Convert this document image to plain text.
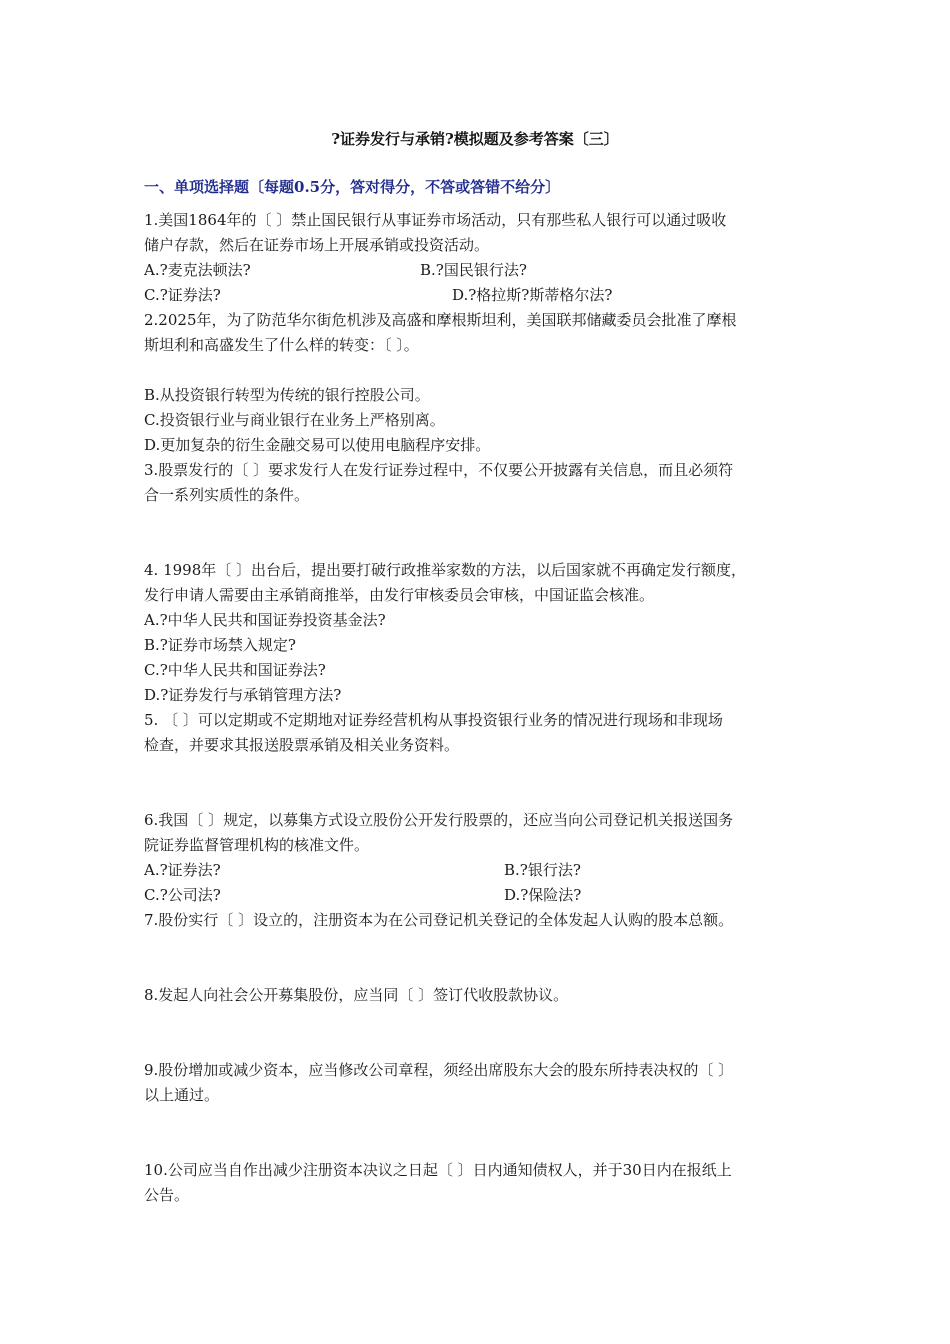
?证券发行与承销?模拟题及参考答案〔三〕
一、单项选择题〔每题0.5分，答对得分，不答或答错不给分〕
1.美国1864年的〔 〕禁止国民银行从事证券市场活动，只有那些私人银行可以通过吸收
储户存款，然后在证券市场上开展承销或投资活动。
A.?麦克法顿法?	B.?国民银行法?
C.?证券法?	D.?格拉斯?斯蒂格尔法?
2.2025年，为了防范华尔街危机涉及高盛和摩根斯坦利，美国联邦储藏委员会批准了摩根
斯坦利和高盛发生了什么样的转变：〔 〕。
B.从投资银行转型为传统的银行控股公司。
C.投资银行业与商业银行在业务上严格别离。
D.更加复杂的衍生金融交易可以使用电脑程序安排。
3.股票发行的〔 〕要求发行人在发行证券过程中，不仅要公开披露有关信息，而且必须符
合一系列实质性的条件。
4. 1998年〔 〕出台后，提出要打破行政推举家数的方法，以后国家就不再确定发行额度，
发行申请人需要由主承销商推举，由发行审核委员会审核，中国证监会核准。
A.?中华人民共和国证券投资基金法?
B.?证券市场禁入规定?
C.?中华人民共和国证券法?
D.?证券发行与承销管理方法?
5. 〔 〕可以定期或不定期地对证券经营机构从事投资银行业务的情况进行现场和非现场
检查，并要求其报送股票承销及相关业务资料。
6.我国〔 〕规定，以募集方式设立股份公开发行股票的，还应当向公司登记机关报送国务
院证券监督管理机构的核准文件。
A.?证券法?	B.?银行法?
C.?公司法?	D.?保险法?
7.股份实行〔 〕设立的，注册资本为在公司登记机关登记的全体发起人认购的股本总额。
8.发起人向社会公开募集股份，应当同〔 〕签订代收股款协议。
9.股份增加或减少资本，应当修改公司章程，须经出席股东大会的股东所持表决权的〔 〕
以上通过。
10.公司应当自作出减少注册资本决议之日起〔 〕日内通知债权人，并于30日内在报纸上
公告。
